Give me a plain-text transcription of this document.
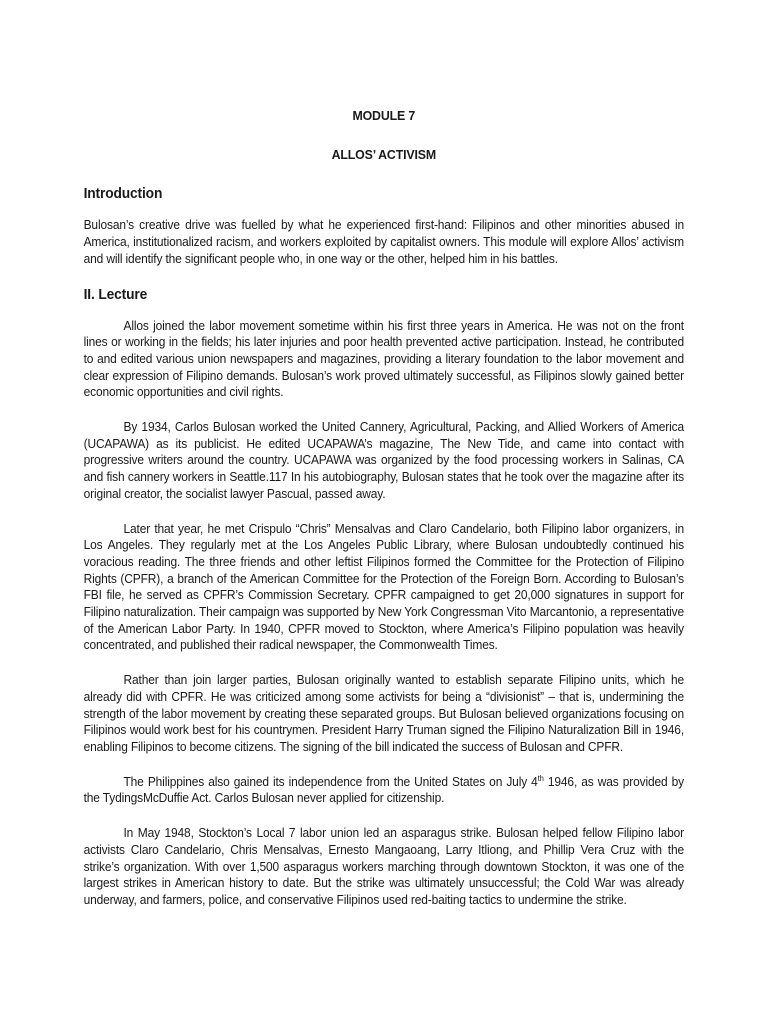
MODULE 7
ALLOS’ ACTIVISM
Introduction

Bulosan’s creative drive was fuelled by what he experienced first-hand: Filipinos and other minorities abused in America, institutionalized racism, and workers exploited by capitalist owners. This module will explore Allos’ activism and will identify the significant people who, in one way or the other, helped him in his battles.

II. Lecture

Allos joined the labor movement sometime within his first three years in America. He was not on the front lines or working in the fields; his later injuries and poor health prevented active participation. Instead, he contributed to and edited various union newspapers and magazines, providing a literary foundation to the labor movement and clear expression of Filipino demands. Bulosan’s work proved ultimately successful, as Filipinos slowly gained better economic opportunities and civil rights.

By 1934, Carlos Bulosan worked the United Cannery, Agricultural, Packing, and Allied Workers of America (UCAPAWA) as its publicist. He edited UCAPAWA’s magazine, The New Tide, and came into contact with progressive writers around the country. UCAPAWA was organized by the food processing workers in Salinas, CA and fish cannery workers in Seattle.117 In his autobiography, Bulosan states that he took over the magazine after its original creator, the socialist lawyer Pascual, passed away.

Later that year, he met Crispulo “Chris” Mensalvas and Claro Candelario, both Filipino labor organizers, in Los Angeles. They regularly met at the Los Angeles Public Library, where Bulosan undoubtedly continued his voracious reading. The three friends and other leftist Filipinos formed the Committee for the Protection of Filipino Rights (CPFR), a branch of the American Committee for the Protection of the Foreign Born. According to Bulosan’s FBI file, he served as CPFR’s Commission Secretary. CPFR campaigned to get 20,000 signatures in support for Filipino naturalization. Their campaign was supported by New York Congressman Vito Marcantonio, a representative of the American Labor Party. In 1940, CPFR moved to Stockton, where America’s Filipino population was heavily concentrated, and published their radical newspaper, the Commonwealth Times.

Rather than join larger parties, Bulosan originally wanted to establish separate Filipino units, which he already did with CPFR. He was criticized among some activists for being a “divisionist” – that is, undermining the strength of the labor movement by creating these separated groups. But Bulosan believed organizations focusing on Filipinos would work best for his countrymen. President Harry Truman signed the Filipino Naturalization Bill in 1946, enabling Filipinos to become citizens. The signing of the bill indicated the success of Bulosan and CPFR.

The Philippines also gained its independence from the United States on July 4th 1946, as was provided by the TydingsMcDuffie Act. Carlos Bulosan never applied for citizenship.

In May 1948, Stockton’s Local 7 labor union led an asparagus strike. Bulosan helped fellow Filipino labor activists Claro Candelario, Chris Mensalvas, Ernesto Mangaoang, Larry Itliong, and Phillip Vera Cruz with the strike’s organization. With over 1,500 asparagus workers marching through downtown Stockton, it was one of the largest strikes in American history to date. But the strike was ultimately unsuccessful; the Cold War was already underway, and farmers, police, and conservative Filipinos used red-baiting tactics to undermine the strike.
